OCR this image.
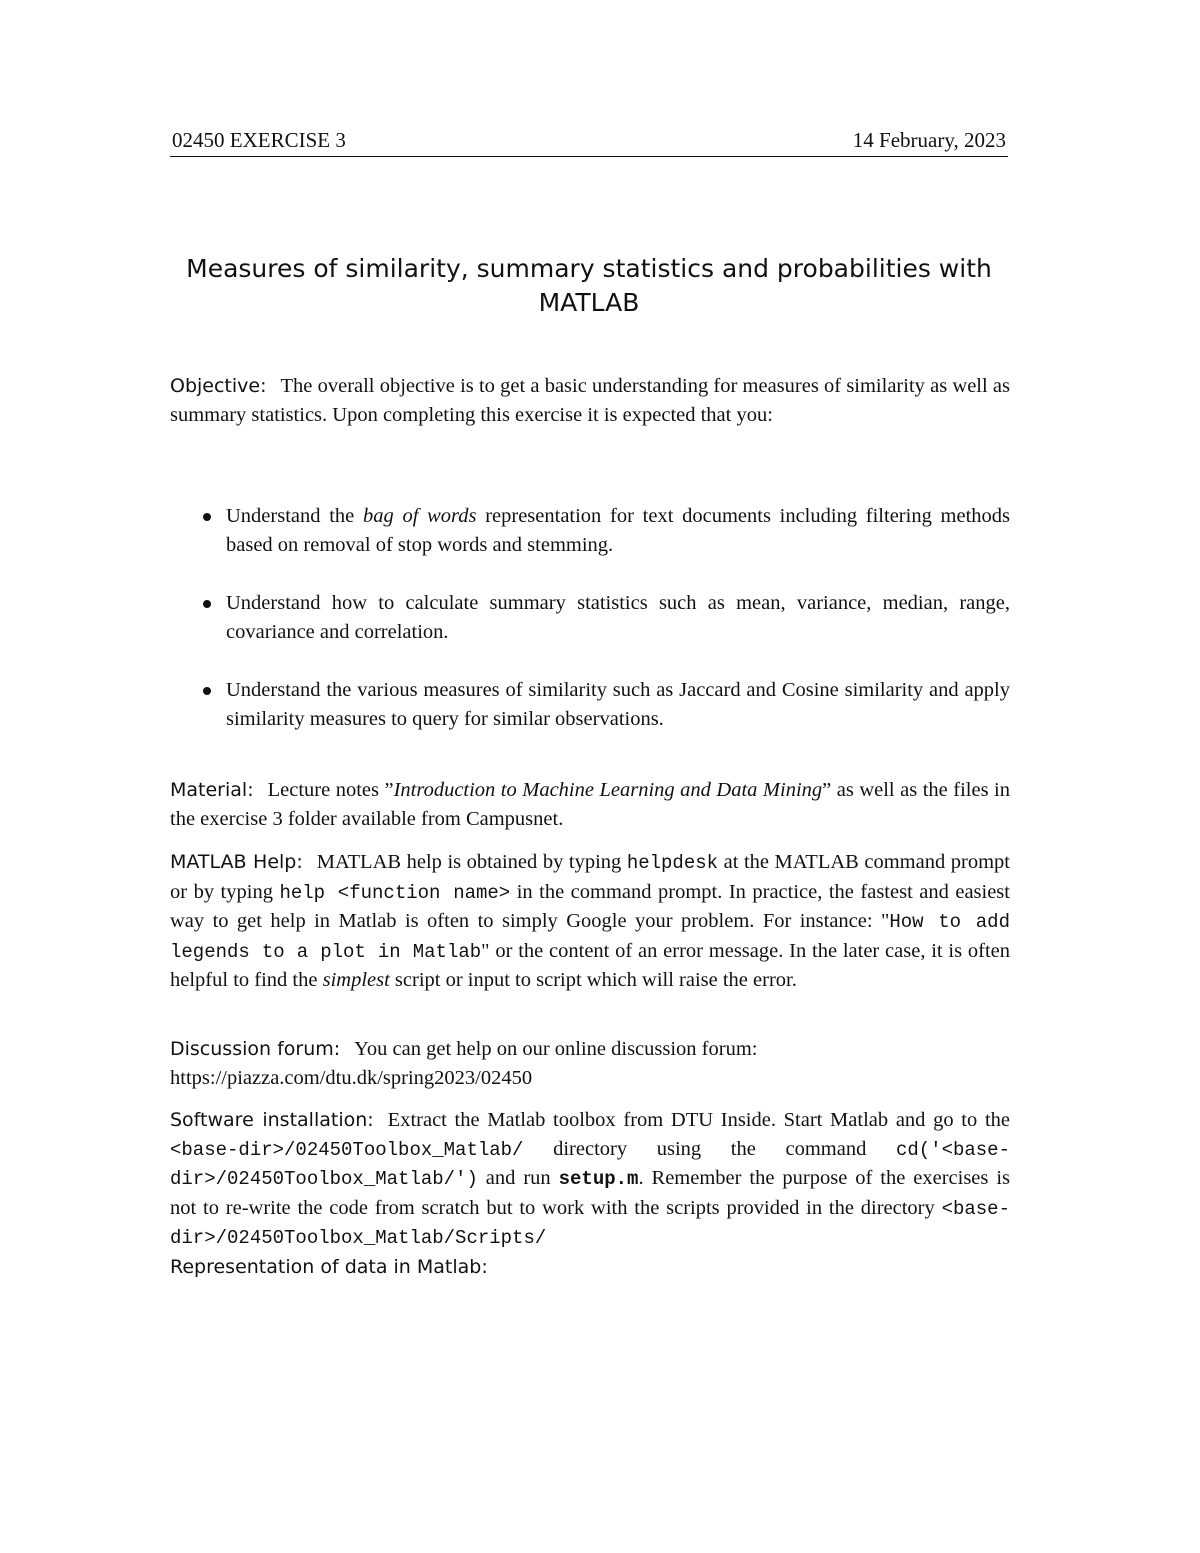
02450 EXERCISE 3	14 February, 2023
Measures of similarity, summary statistics and probabilities with
MATLAB
Objective: The overall objective is to get a basic understanding for measures of similarity as well as summary statistics. Upon completing this exercise it is expected that you:
Understand the bag of words representation for text documents including filtering methods based on removal of stop words and stemming.
Understand how to calculate summary statistics such as mean, variance, median, range, covariance and correlation.
Understand the various measures of similarity such as Jaccard and Cosine similarity and apply similarity measures to query for similar observations.
Material: Lecture notes ”Introduction to Machine Learning and Data Mining” as well as the files in the exercise 3 folder available from Campusnet.
MATLAB Help: MATLAB help is obtained by typing helpdesk at the MATLAB command prompt or by typing help <function name> in the command prompt. In practice, the fastest and easiest way to get help in Matlab is often to simply Google your problem. For instance: "How to add legends to a plot in Matlab" or the content of an error message. In the later case, it is often helpful to find the simplest script or input to script which will raise the error.
Discussion forum: You can get help on our online discussion forum:
https://piazza.com/dtu.dk/spring2023/02450
Software installation: Extract the Matlab toolbox from DTU Inside. Start Matlab and go to the <base-dir>/02450Toolbox_Matlab/ directory using the command cd('<base-dir>/02450Toolbox_Matlab/') and run setup.m. Remember the purpose of the exercises is not to re-write the code from scratch but to work with the scripts provided in the directory <base-dir>/02450Toolbox_Matlab/Scripts/
Representation of data in Matlab:
